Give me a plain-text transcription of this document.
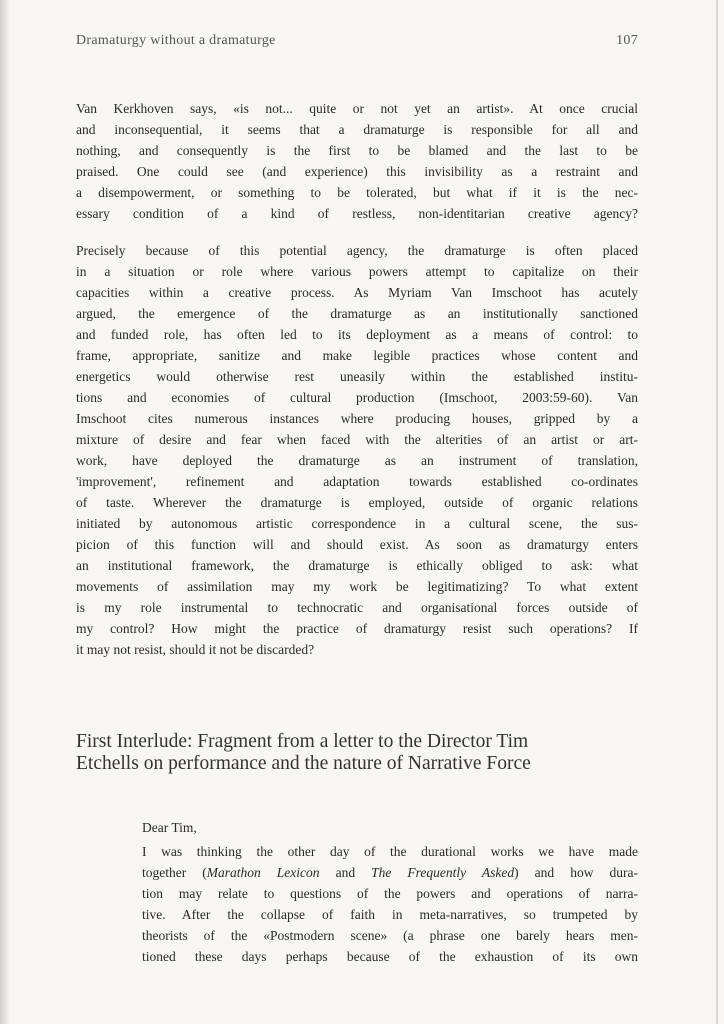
Dramaturgy without a dramaturge	107

Van Kerkhoven says, «is not... quite or not yet an artist». At once crucial
and inconsequential, it seems that a dramaturge is responsible for all and
nothing, and consequently is the first to be blamed and the last to be
praised. One could see (and experience) this invisibility as a restraint and
a disempowerment, or something to be tolerated, but what if it is the nec-
essary condition of a kind of restless, non-identitarian creative agency?

Precisely because of this potential agency, the dramaturge is often placed
in a situation or role where various powers attempt to capitalize on their
capacities within a creative process. As Myriam Van Imschoot has acutely
argued, the emergence of the dramaturge as an institutionally sanctioned
and funded role, has often led to its deployment as a means of control: to
frame, appropriate, sanitize and make legible practices whose content and
energetics would otherwise rest uneasily within the established institu-
tions and economies of cultural production (Imschoot, 2003:59-60). Van
Imschoot cites numerous instances where producing houses, gripped by a
mixture of desire and fear when faced with the alterities of an artist or art-
work, have deployed the dramaturge as an instrument of translation,
'improvement', refinement and adaptation towards established co-ordinates
of taste. Wherever the dramaturge is employed, outside of organic relations
initiated by autonomous artistic correspondence in a cultural scene, the sus-
picion of this function will and should exist. As soon as dramaturgy enters
an institutional framework, the dramaturge is ethically obliged to ask: what
movements of assimilation may my work be legitimatizing? To what extent
is my role instrumental to technocratic and organisational forces outside of
my control? How might the practice of dramaturgy resist such operations? If
it may not resist, should it not be discarded?

First Interlude: Fragment from a letter to the Director Tim
Etchells on performance and the nature of Narrative Force
Dear Tim,
I was thinking the other day of the durational works we have made
together (Marathon Lexicon and The Frequently Asked) and how dura-
tion may relate to questions of the powers and operations of narra-
tive. After the collapse of faith in meta-narratives, so trumpeted by
theorists of the «Postmodern scene» (a phrase one barely hears men-
tioned these days perhaps because of the exhaustion of its own
